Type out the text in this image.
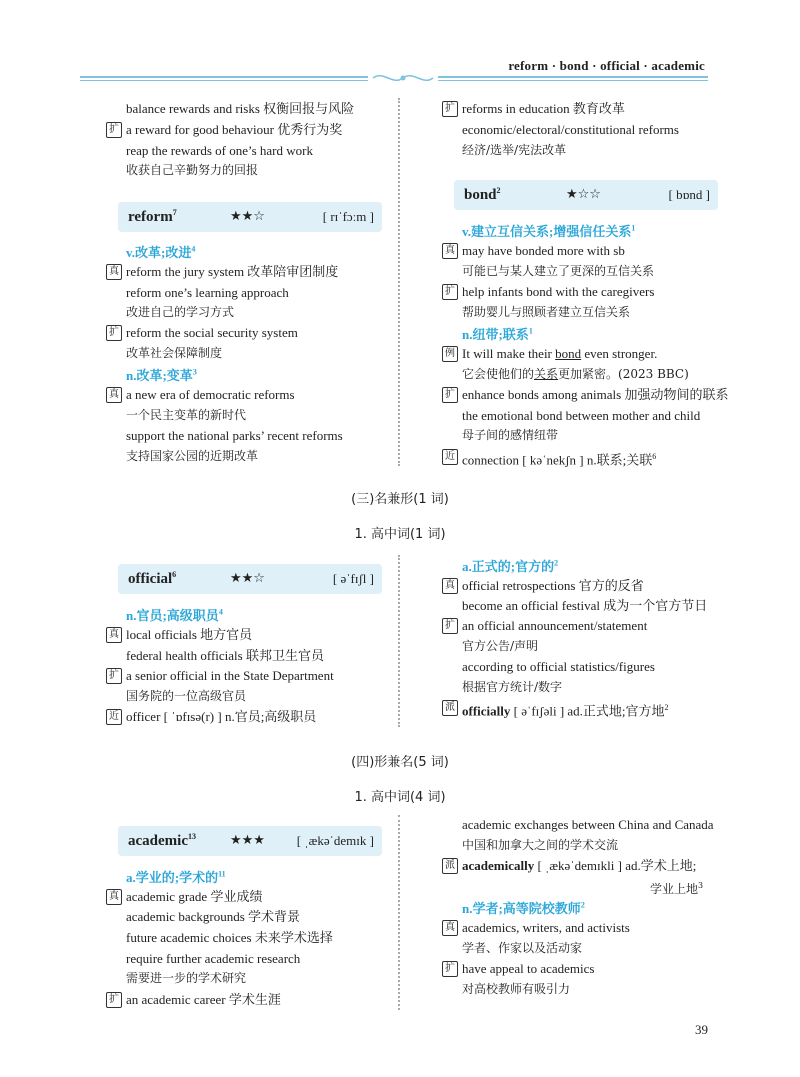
reform · bond · official · academic
balance rewards and risks 权衡回报与风险
扩 a reward for good behaviour 优秀行为奖
reap the rewards of one’s hard work
收获自己辛勤努力的回报
reform$^7$	★★☆	[ rɪˈfɔːm ]
v.改革;改进$^4$
真 reform the jury system 改革陪审团制度
reform one’s learning approach
改进自己的学习方式
扩 reform the social security system
改革社会保障制度
n.改革;变革$^3$
真 a new era of democratic reforms
一个民主变革的新时代
support the national parks’ recent reforms
支持国家公园的近期改革
扩 reforms in education 教育改革
economic/electoral/constitutional reforms
经济/选举/宪法改革
bond$^2$	★☆☆	[ bɒnd ]
v.建立互信关系;增强信任关系$^1$
真 may have bonded more with sb
可能已与某人建立了更深的互信关系
扩 help infants bond with the caregivers
帮助婴儿与照顾者建立互信关系
n.纽带;联系$^1$
例 It will make their bond even stronger.
它会使他们的关系更加紧密。(2023 BBC)
扩 enhance bonds among animals 加强动物间的联系
the emotional bond between mother and child
母子间的感情纽带
近 connection [ kəˈnekʃn ] n.联系;关联$^6$
(三)名兼形(1 词)
1. 高中词(1 词)
official$^6$	★★☆	[ əˈfɪʃl ]
n.官员;高级职员$^4$
真 local officials 地方官员
federal health officials 联邦卫生官员
扩 a senior official in the State Department
国务院的一位高级官员
近 officer [ ˈɒfɪsə(r) ] n.官员;高级职员
a.正式的;官方的$^2$
真 official retrospections 官方的反省
become an official festival 成为一个官方节日
扩 an official announcement/statement
官方公告/声明
according to official statistics/figures
根据官方统计/数字
派 officially [ əˈfɪʃəli ] ad.正式地;官方地$^2$
(四)形兼名(5 词)
1. 高中词(4 词)
academic$^{13}$	★★★ [ ˌækəˈdemɪk ]
a.学业的;学术的$^{11}$
真 academic grade 学业成绩
academic backgrounds 学术背景
future academic choices 未来学术选择
require further academic research
需要进一步的学术研究
扩 an academic career 学术生涯
academic exchanges between China and Canada
中国和加拿大之间的学术交流
派 academically [ ˌækəˈdemɪkli ] ad.学术上地;
学业上地$^3$
n.学者;高等院校教师$^2$
真 academics, writers, and activists
学者、作家以及活动家
扩 have appeal to academics
对高校教师有吸引力
39
